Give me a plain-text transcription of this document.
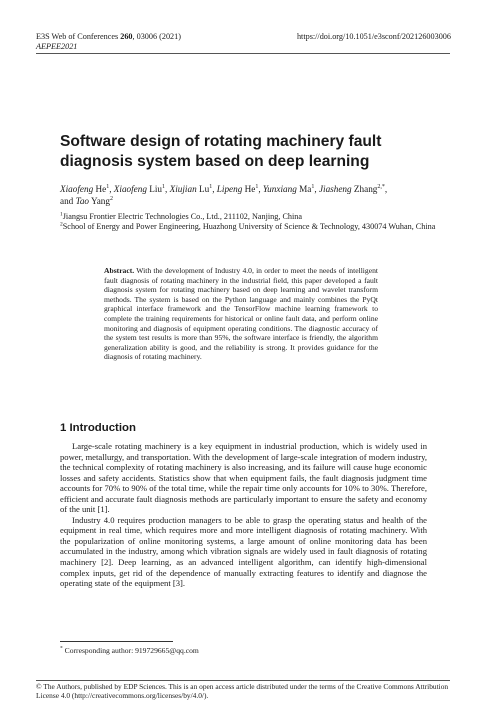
E3S Web of Conferences 260, 03006 (2021)	https://doi.org/10.1051/e3sconf/202126003006
AEPEE2021
Software design of rotating machinery fault
diagnosis system based on deep learning
Xiaofeng He$^1$, Xiaofeng Liu$^1$, Xiujian Lu$^1$, Lipeng He$^1$, Yunxiang Ma$^1$, Jiasheng Zhang$^{2,*}$,
and Tao Yang$^2$
$^1$Jiangsu Frontier Electric Technologies Co., Ltd., 211102, Nanjing, China
$^2$School of Energy and Power Engineering, Huazhong University of Science & Technology, 430074 Wuhan, China
Abstract. With the development of Industry 4.0, in order to meet the needs of intelligent fault diagnosis of rotating machinery in the industrial field, this paper developed a fault diagnosis system for rotating machinery based on deep learning and wavelet transform methods. The system is based on the Python language and mainly combines the PyQt graphical interface framework and the TensorFlow machine learning framework to complete the training requirements for historical or online fault data, and perform online monitoring and diagnosis of equipment operating conditions. The diagnostic accuracy of the system test results is more than 95%, the software interface is friendly, the algorithm generalization ability is good, and the reliability is strong. It provides guidance for the diagnosis of rotating machinery.
1 Introduction

Large-scale rotating machinery is a key equipment in industrial production, which is widely used in power, metallurgy, and transportation. With the development of large-scale integration of modern industry, the technical complexity of rotating machinery is also increasing, and its failure will cause huge economic losses and safety accidents. Statistics show that when equipment fails, the fault diagnosis judgment time accounts for 70% to 90% of the total time, while the repair time only accounts for 10% to 30%. Therefore, efficient and accurate fault diagnosis methods are particularly important to ensure the safety and economy of the unit [1].

Industry 4.0 requires production managers to be able to grasp the operating status and health of the equipment in real time, which requires more and more intelligent diagnosis of rotating machinery. With the popularization of online monitoring systems, a large amount of online monitoring data has been accumulated in the industry, among which vibration signals are widely used in fault diagnosis of rotating machinery [2]. Deep learning, as an advanced intelligent algorithm, can identify high-dimensional complex inputs, get rid of the dependence of manually extracting features to identify and diagnose the operating state of the equipment [3].

* Corresponding author: 919729665@qq.com
© The Authors, published by EDP Sciences. This is an open access article distributed under the terms of the Creative Commons Attribution License 4.0 (http://creativecommons.org/licenses/by/4.0/).
